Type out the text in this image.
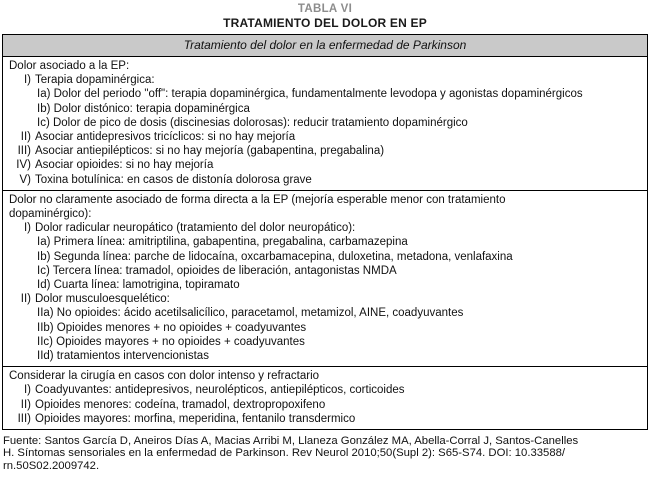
TABLA VI
TRATAMIENTO DEL DOLOR EN EP
Tratamiento del dolor en la enfermedad de Parkinson
Dolor asociado a la EP:
I) Terapia dopaminérgica:
Ia) Dolor del periodo "off": terapia dopaminérgica, fundamentalmente levodopa y agonistas dopaminérgicos
Ib) Dolor distónico: terapia dopaminérgica
Ic) Dolor de pico de dosis (discinesias dolorosas): reducir tratamiento dopaminérgico
II) Asociar antidepresivos tricíclicos: si no hay mejoría
III) Asociar antiepilépticos: si no hay mejoría (gabapentina, pregabalina)
IV) Asociar opioides: si no hay mejoría
V) Toxina botulínica: en casos de distonía dolorosa grave
Dolor no claramente asociado de forma directa a la EP (mejoría esperable menor con tratamiento
dopaminérgico):
I) Dolor radicular neuropático (tratamiento del dolor neuropático):
Ia) Primera línea: amitriptilina, gabapentina, pregabalina, carbamazepina
Ib) Segunda línea: parche de lidocaína, oxcarbamacepina, duloxetina, metadona, venlafaxina
Ic) Tercera línea: tramadol, opioides de liberación, antagonistas NMDA
Id) Cuarta línea: lamotrigina, topiramato
II) Dolor musculoesquelético:
IIa) No opioides: ácido acetilsalicílico, paracetamol, metamizol, AINE, coadyuvantes
IIb) Opioides menores + no opioides + coadyuvantes
IIc) Opioides mayores + no opioides + coadyuvantes
IId) tratamientos intervencionistas
Considerar la cirugía en casos con dolor intenso y refractario
I) Coadyuvantes: antidepresivos, neurolépticos, antiepilépticos, corticoides
II) Opioides menores: codeína, tramadol, dextropropoxifeno
III) Opioides mayores: morfina, meperidina, fentanilo transdermico
Fuente: Santos García D, Aneiros Días A, Macias Arribi M, Llaneza González MA, Abella-Corral J, Santos-Canelles
H. Síntomas sensoriales en la enfermedad de Parkinson. Rev Neurol 2010;50(Supl 2): S65-S74. DOI: 10.33588/
rn.50S02.2009742.
